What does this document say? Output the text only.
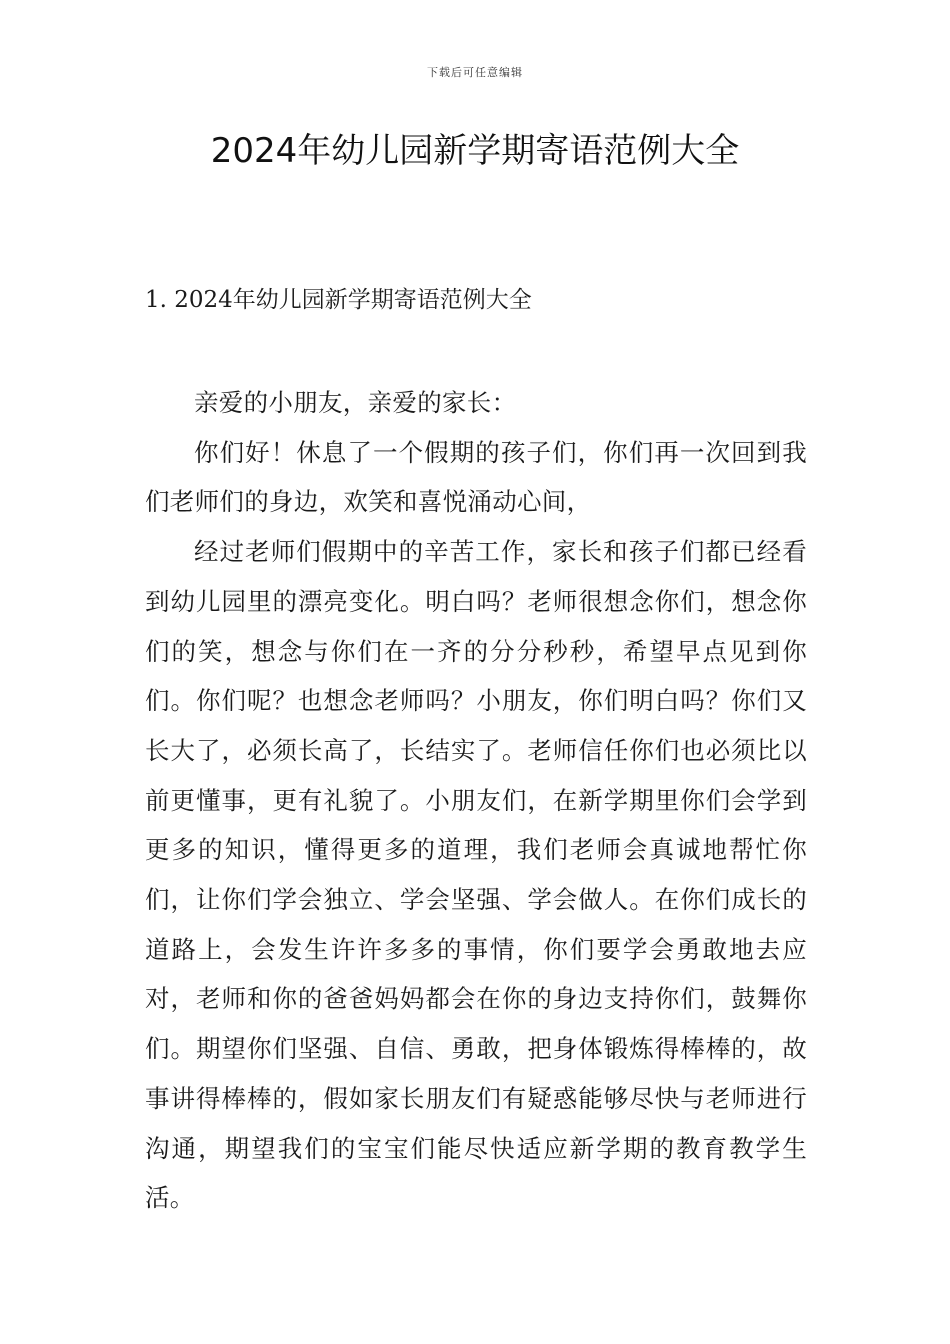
下载后可任意编辑
2024年幼儿园新学期寄语范例大全
1. 2024年幼儿园新学期寄语范例大全

亲爱的小朋友，亲爱的家长：

你们好！休息了一个假期的孩子们，你们再一次回到我们老师们的身边，欢笑和喜悦涌动心间，

经过老师们假期中的辛苦工作，家长和孩子们都已经看到幼儿园里的漂亮变化。明白吗？老师很想念你们，想念你们的笑，想念与你们在一齐的分分秒秒，希望早点见到你们。你们呢？也想念老师吗？小朋友，你们明白吗？你们又长大了，必须长高了，长结实了。老师信任你们也必须比以前更懂事，更有礼貌了。小朋友们，在新学期里你们会学到更多的知识，懂得更多的道理，我们老师会真诚地帮忙你们，让你们学会独立、学会坚强、学会做人。在你们成长的道路上，会发生许许多多的事情，你们要学会勇敢地去应对，老师和你的爸爸妈妈都会在你的身边支持你们，鼓舞你们。期望你们坚强、自信、勇敢，把身体锻炼得棒棒的，故事讲得棒棒的，假如家长朋友们有疑惑能够尽快与老师进行沟通，期望我们的宝宝们能尽快适应新学期的教育教学生活。
